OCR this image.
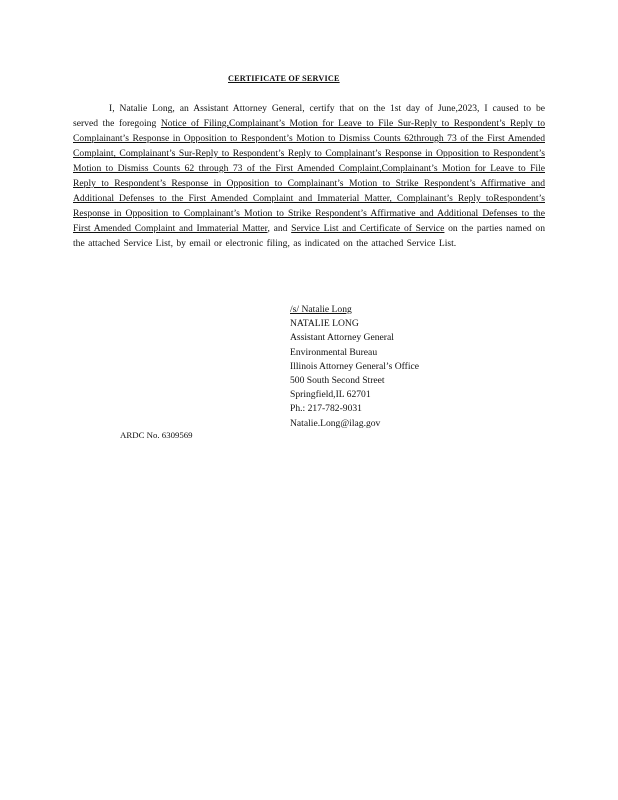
CERTIFICATE OF SERVICE
I, Natalie Long, an Assistant Attorney General, certify that on the 1st day of June,2023, I caused to be served the foregoing Notice of Filing,Complainant’s Motion for Leave to File Sur-Reply to Respondent’s Reply to Complainant’s Response in Opposition to Respondent’s Motion to Dismiss Counts 62through 73 of the First Amended Complaint, Complainant’s Sur-Reply to Respondent’s Reply to Complainant’s Response in Opposition to Respondent’s Motion to Dismiss Counts 62 through 73 of the First Amended Complaint,Complainant’s Motion for Leave to File Reply to Respondent’s Response in Opposition to Complainant’s Motion to Strike Respondent’s Affirmative and Additional Defenses to the First Amended Complaint and Immaterial Matter, Complainant’s Reply toRespondent’s Response in Opposition to Complainant’s Motion to Strike Respondent’s Affirmative and Additional Defenses to the First Amended Complaint and Immaterial Matter, and Service List and Certificate of Service on the parties named on the attached Service List, by email or electronic filing, as indicated on the attached Service List.
/s/ Natalie Long
NATALIE LONG
Assistant Attorney General
Environmental Bureau
Illinois Attorney General’s Office
500 South Second Street
Springfield,IL 62701
Ph.: 217-782-9031
Natalie.Long@ilag.gov
ARDC No. 6309569
